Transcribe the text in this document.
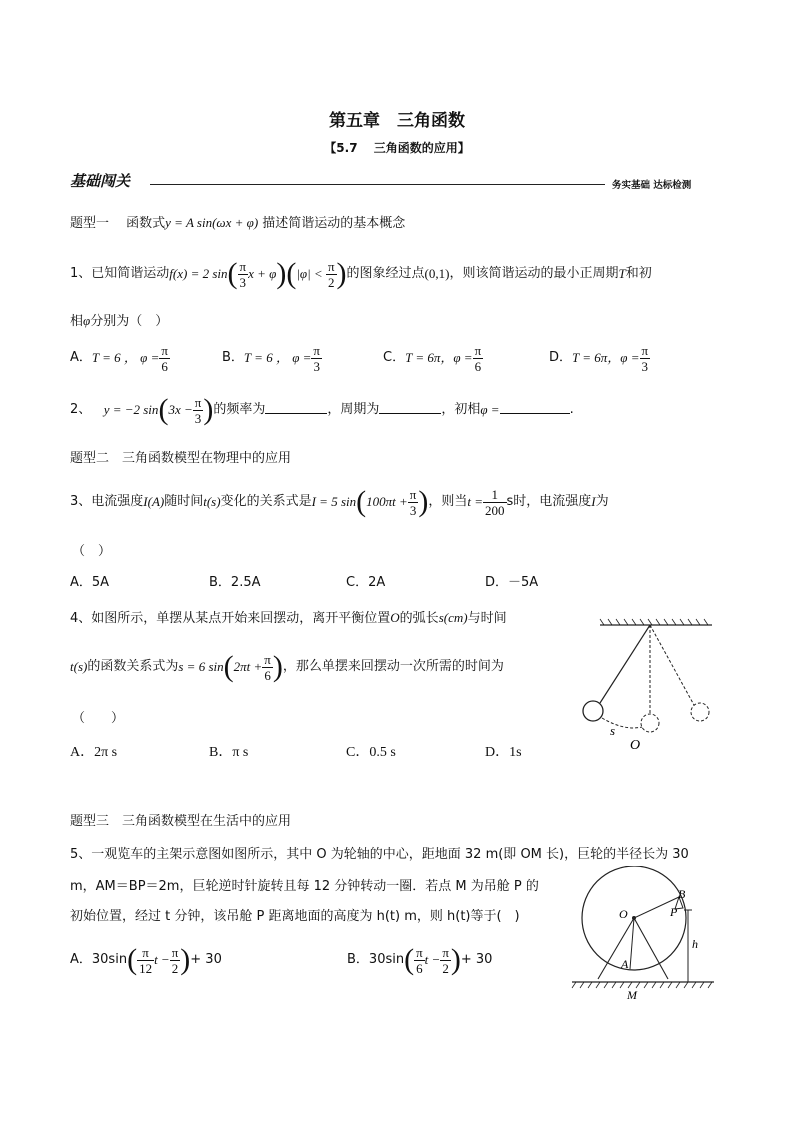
第五章　三角函数
【5.7　 三角函数的应用】
基础闯关	务实基础 达标检测
题型一　 函数式y = A sin(ωx + φ) 描述简谐运动的基本概念
1、已知简谐运动f(x) = 2 $\sin( \frac{\pi}{3}$ $x + \varphi)(|\varphi| < \frac{\pi}{2}$ )的图象经过点(0,1)，则该简谐运动的最小正周期T和初
相φ分别为（　）
A．T = 6 ， $\varphi = \frac{\pi}{6}$	B．T = 6 ， $\varphi = \frac{\pi}{3}$	C．T = 6π，$\varphi = \frac{\pi}{6}$	D．T = 6π，$\varphi = \frac{\pi}{3}$
2、 y = −2 $\sin(3x - \frac{\pi}{3}$ )的频率为	，周期为	，初相φ =	.
题型二　三角函数模型在物理中的应用
3、电流强度I(A)随时间t(s)变化的关系式是I = 5 $\sin(100\pi t + \frac{\pi}{3}$ )，则当$t = \frac{1}{200}$ s时，电流强度I为
（　）
A．5A	B．2.5A	C．2A	D．－5A
4、如图所示，单摆从某点开始来回摆动，离开平衡位置O的弧长s(cm)与时间
t(s)的函数关系式为s = 6 $\sin(2\pi t + \frac{\pi}{6}$ )，那么单摆来回摆动一次所需的时间为
（　　）
A．2π s	B．π s	C．0.5 s	D．1s
s
O
题型三　三角函数模型在生活中的应用
5、一观览车的主架示意图如图所示，其中 O 为轮轴的中心，距地面 32 m(即 OM 长)，巨轮的半径长为 30
m，AM＝BP＝2m，巨轮逆时针旋转且每 12 分钟转动一圈．若点 M 为吊舱 P 的
初始位置，经过 t 分钟，该吊舱 P 距离地面的高度为 h(t) m，则 h(t)等于(　)
A．$30\sin( \frac{\pi}{12}$ $t - \frac{\pi}{2}$ )+ 30	B．$30\sin( \frac{\pi}{6}$ $t - \frac{\pi}{2}$ )+ 30
B
O	P
h
A
M
